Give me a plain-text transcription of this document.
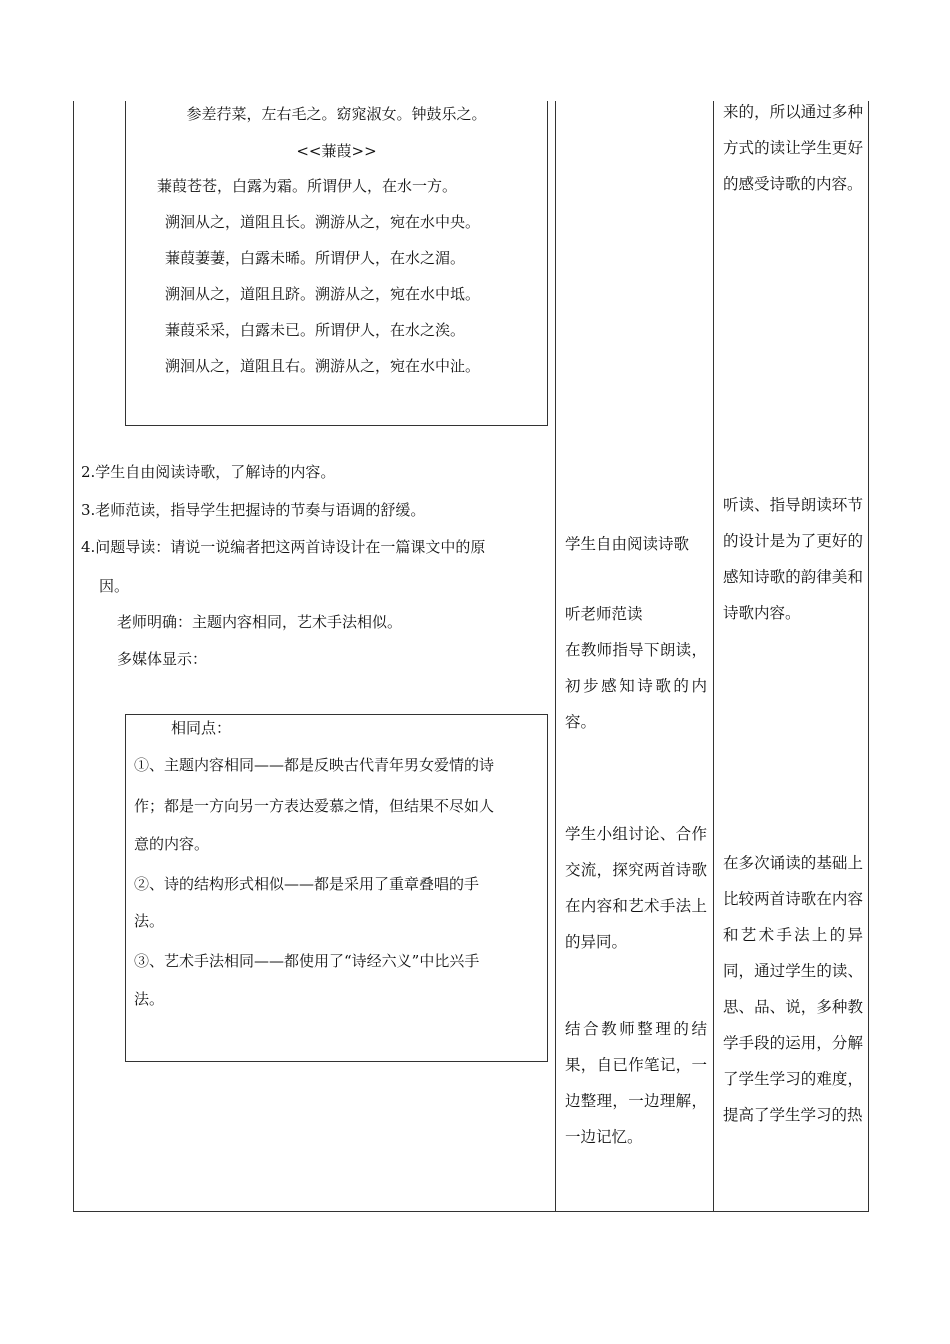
参差荇菜，左右毛之。窈窕淑女。钟鼓乐之。
<<蒹葭>>
蒹葭苍苍，白露为霜。所谓伊人，在水一方。
溯洄从之，道阻且长。溯游从之，宛在水中央。
蒹葭萋萋，白露未晞。所谓伊人，在水之湄。
溯洄从之，道阻且跻。溯游从之，宛在水中坻。
蒹葭采采，白露未已。所谓伊人，在水之涘。
溯洄从之，道阻且右。溯游从之，宛在水中沚。
2.学生自由阅读诗歌，了解诗的内容。
3.老师范读，指导学生把握诗的节奏与语调的舒缓。
4.问题导读：请说一说编者把这两首诗设计在一篇课文中的原
因。
老师明确：主题内容相同，艺术手法相似。
多媒体显示：
相同点：
①、主题内容相同——都是反映古代青年男女爱情的诗
作；都是一方向另一方表达爱慕之情，但结果不尽如人
意的内容。
②、诗的结构形式相似——都是采用了重章叠唱的手
法。
③、艺术手法相同——都使用了“诗经六义”中比兴手
法。
学生自由阅读诗歌
听老师范读
在教师指导下朗读，初步感知诗歌的内容。
学生小组讨论、合作交流，探究两首诗歌在内容和艺术手法上的异同。
结合教师整理的结果，自已作笔记，一边整理，一边理解，一边记忆。
来的，所以通过多种方式的读让学生更好的感受诗歌的内容。
听读、指导朗读环节的设计是为了更好的感知诗歌的韵律美和诗歌内容。
在多次诵读的基础上比较两首诗歌在内容和艺术手法上的异同，通过学生的读、思、品、说，多种教学手段的运用，分解了学生学习的难度，提高了学生学习的热
